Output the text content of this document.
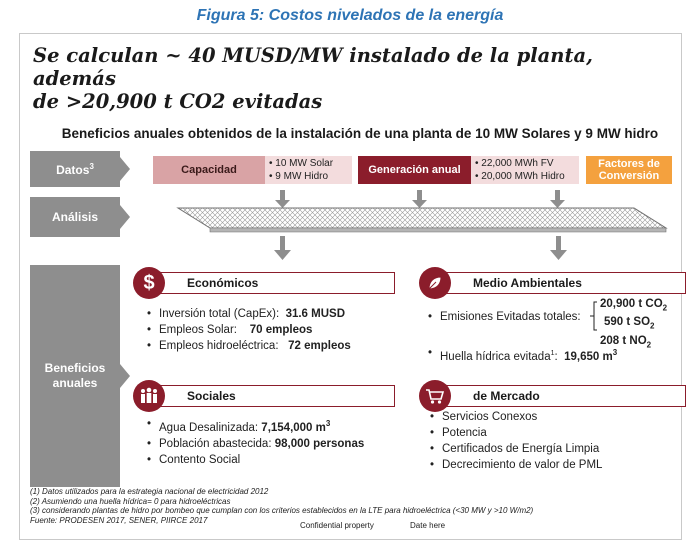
Figura 5: Costos nivelados de la energía
Se calculan ~ 40 MUSD/MW instalado de la planta, además
de >20,900 t CO2 evitadas
Beneficios anuales obtenidos de la instalación de una planta de 10 MW Solares y 9 MW hidro
Datos$^3$
Análisis
Beneficios
anuales
Capacidad
• 10 MW Solar
• 9 MW Hidro
Generación anual
• 22,000 MWh FV
• 20,000 MWh Hidro
Factores de
Conversión
Económicos
$
• Inversión total (CapEx): 31.6 MUSD
• Empleos Solar: 70 empleos
• Empleos hidroeléctrica: 72 empleos
Medio Ambientales
• Emisiones Evitadas totales:
20,900 t $CO_2$
590 t $SO_2$
208 t $NO_2$
• Huella hídrica evitada$^1$:  19,650 $m^3$
Sociales
• Agua Desalinizada: 7,154,000 $m^3$
• Población abastecida: 98,000 personas
• Contento Social
de Mercado
• Servicios Conexos
• Potencia
• Certificados de Energía Limpia
• Decrecimiento de valor de PML
(1) Datos utilizados para la estrategia nacional de electricidad 2012
(2) Asumiendo una huella hídrica= 0 para hidroeléctricas
(3) considerando plantas de hidro por bombeo que cumplan con los criterios establecidos en la LTE para hidroeléctrica (<30 MW y >10 W/m2)
Fuente: PRODESEN 2017, SENER, PIIRCE 2017
Confidential property	Date here
